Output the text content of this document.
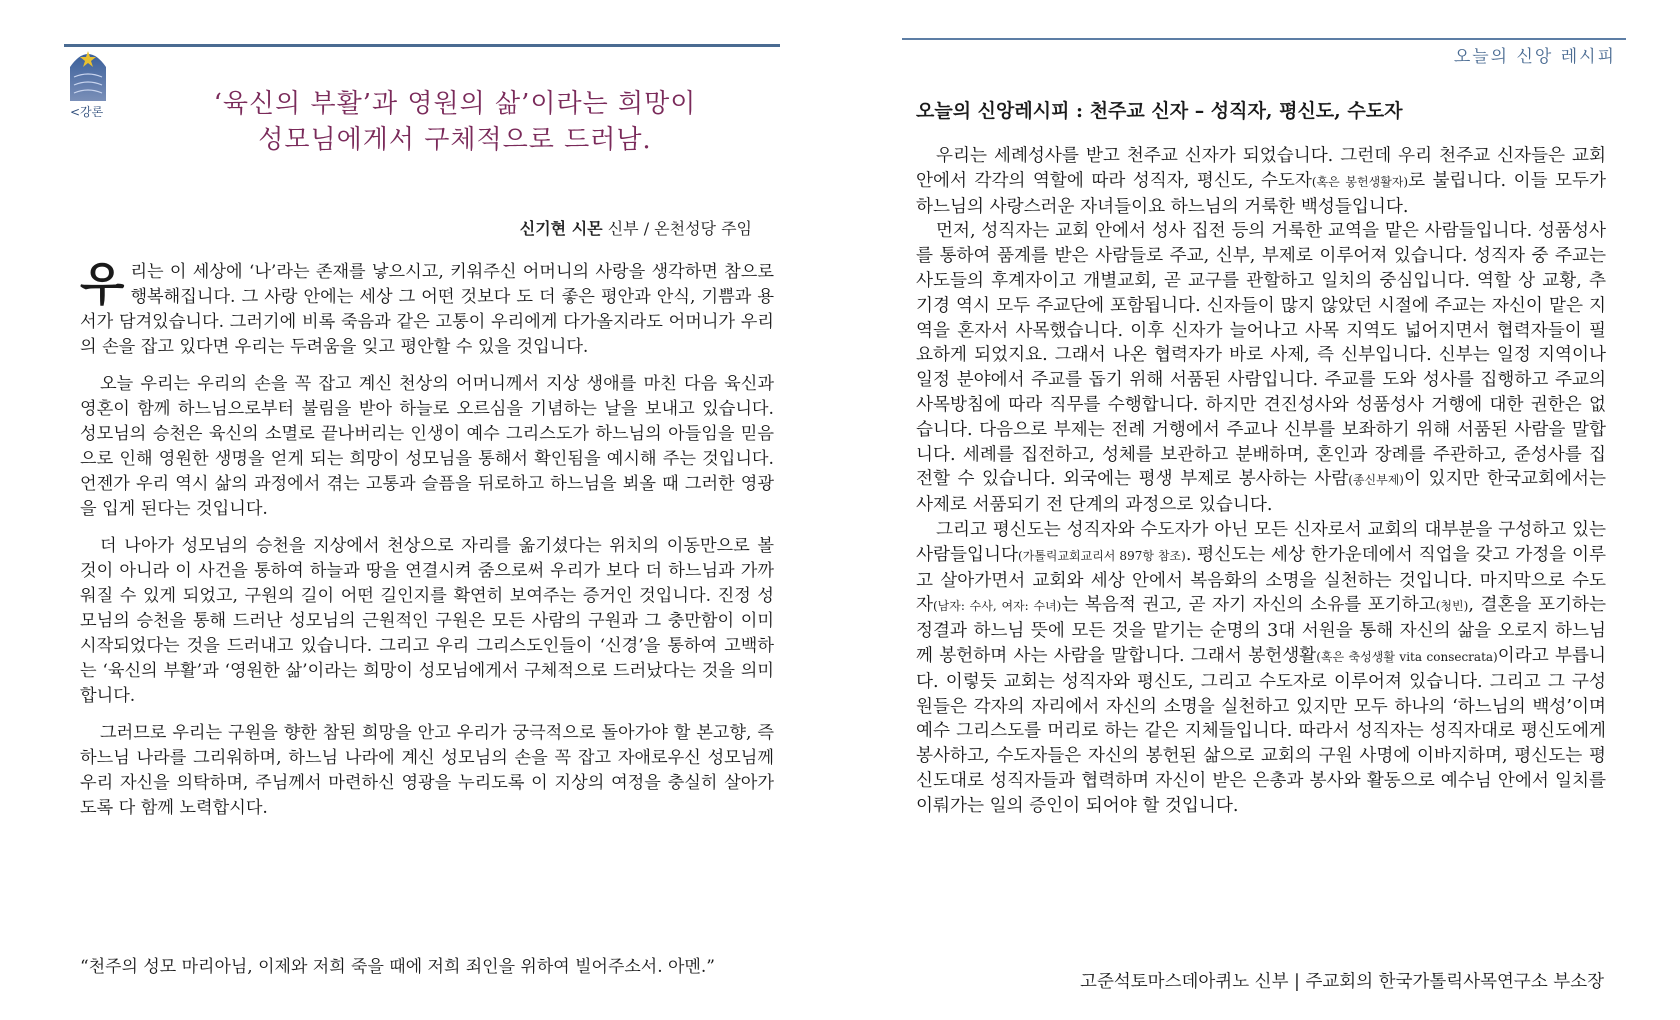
<강론	‘육신의 부활’과 영원의 삶’이라는 희망이
성모님에게서 구체적으로 드러남.
신기현 시몬 신부 / 온천성당 주임

우리는 이 세상에 ‘나’라는 존재를 낳으시고, 키워주신 어머니의 사랑을 생각하면 참으로 행복해집니다. 그 사랑 안에는 세상 그 어떤 것보다 도 더 좋은 평안과 안식, 기쁨과 용서가 담겨있습니다. 그러기에 비록 죽음과 같은 고통이 우리에게 다가올지라도 어머니가 우리의 손을 잡고 있다면 우리는 두려움을 잊고 평안할 수 있을 것입니다.

오늘 우리는 우리의 손을 꼭 잡고 계신 천상의 어머니께서 지상 생애를 마친 다음 육신과 영혼이 함께 하느님으로부터 불림을 받아 하늘로 오르심을 기념하는 날을 보내고 있습니다. 성모님의 승천은 육신의 소멸로 끝나버리는 인생이 예수 그리스도가 하느님의 아들임을 믿음으로 인해 영원한 생명을 얻게 되는 희망이 성모님을 통해서 확인됨을 예시해 주는 것입니다. 언젠가 우리 역시 삶의 과정에서 겪는 고통과 슬픔을 뒤로하고 하느님을 뵈올 때 그러한 영광을 입게 된다는 것입니다.

더 나아가 성모님의 승천을 지상에서 천상으로 자리를 옮기셨다는 위치의 이동만으로 볼 것이 아니라 이 사건을 통하여 하늘과 땅을 연결시켜 줌으로써 우리가 보다 더 하느님과 가까워질 수 있게 되었고, 구원의 길이 어떤 길인지를 확연히 보여주는 증거인 것입니다. 진정 성모님의 승천을 통해 드러난 성모님의 근원적인 구원은 모든 사람의 구원과 그 충만함이 이미 시작되었다는 것을 드러내고 있습니다. 그리고 우리 그리스도인들이 ‘신경’을 통하여 고백하는 ‘육신의 부활’과 ‘영원한 삶’이라는 희망이 성모님에게서 구체적으로 드러났다는 것을 의미합니다.

그러므로 우리는 구원을 향한 참된 희망을 안고 우리가 궁극적으로 돌아가야 할 본고향, 즉 하느님 나라를 그리워하며, 하느님 나라에 계신 성모님의 손을 꼭 잡고 자애로우신 성모님께 우리 자신을 의탁하며, 주님께서 마련하신 영광을 누리도록 이 지상의 여정을 충실히 살아가도록 다 함께 노력합시다.

“천주의 성모 마리아님, 이제와 저희 죽을 때에 저희 죄인을 위하여 빌어주소서. 아멘.”
오늘의 신앙 레시피
오늘의 신앙레시피 : 천주교 신자 – 성직자, 평신도, 수도자

우리는 세례성사를 받고 천주교 신자가 되었습니다. 그런데 우리 천주교 신자들은 교회 안에서 각각의 역할에 따라 성직자, 평신도, 수도자(혹은 봉헌생활자)로 불립니다. 이들 모두가 하느님의 사랑스러운 자녀들이요 하느님의 거룩한 백성들입니다.

먼저, 성직자는 교회 안에서 성사 집전 등의 거룩한 교역을 맡은 사람들입니다. 성품성사를 통하여 품계를 받은 사람들로 주교, 신부, 부제로 이루어져 있습니다. 성직자 중 주교는 사도들의 후계자이고 개별교회, 곧 교구를 관할하고 일치의 중심입니다. 역할 상 교황, 추기경 역시 모두 주교단에 포함됩니다. 신자들이 많지 않았던 시절에 주교는 자신이 맡은 지역을 혼자서 사목했습니다. 이후 신자가 늘어나고 사목 지역도 넓어지면서 협력자들이 필요하게 되었지요. 그래서 나온 협력자가 바로 사제, 즉 신부입니다. 신부는 일정 지역이나 일정 분야에서 주교를 돕기 위해 서품된 사람입니다. 주교를 도와 성사를 집행하고 주교의 사목방침에 따라 직무를 수행합니다. 하지만 견진성사와 성품성사 거행에 대한 권한은 없습니다. 다음으로 부제는 전례 거행에서 주교나 신부를 보좌하기 위해 서품된 사람을 말합니다. 세례를 집전하고, 성체를 보관하고 분배하며, 혼인과 장례를 주관하고, 준성사를 집전할 수 있습니다. 외국에는 평생 부제로 봉사하는 사람(종신부제)이 있지만 한국교회에서는 사제로 서품되기 전 단계의 과정으로 있습니다.

그리고 평신도는 성직자와 수도자가 아닌 모든 신자로서 교회의 대부분을 구성하고 있는 사람들입니다(가톨릭교회교리서 897항 참조). 평신도는 세상 한가운데에서 직업을 갖고 가정을 이루고 살아가면서 교회와 세상 안에서 복음화의 소명을 실천하는 것입니다. 마지막으로 수도자(남자: 수사, 여자: 수녀)는 복음적 권고, 곧 자기 자신의 소유를 포기하고(청빈), 결혼을 포기하는 정결과 하느님 뜻에 모든 것을 맡기는 순명의 3대 서원을 통해 자신의 삶을 오로지 하느님께 봉헌하며 사는 사람을 말합니다. 그래서 봉헌생활(혹은 축성생활 vita consecrata)이라고 부릅니다. 이렇듯 교회는 성직자와 평신도, 그리고 수도자로 이루어져 있습니다. 그리고 그 구성원들은 각자의 자리에서 자신의 소명을 실천하고 있지만 모두 하나의 ‘하느님의 백성’이며 예수 그리스도를 머리로 하는 같은 지체들입니다. 따라서 성직자는 성직자대로 평신도에게 봉사하고, 수도자들은 자신의 봉헌된 삶으로 교회의 구원 사명에 이바지하며, 평신도는 평신도대로 성직자들과 협력하며 자신이 받은 은총과 봉사와 활동으로 예수님 안에서 일치를 이뤄가는 일의 증인이 되어야 할 것입니다.

고준석토마스데아퀴노 신부 | 주교회의 한국가톨릭사목연구소 부소장
